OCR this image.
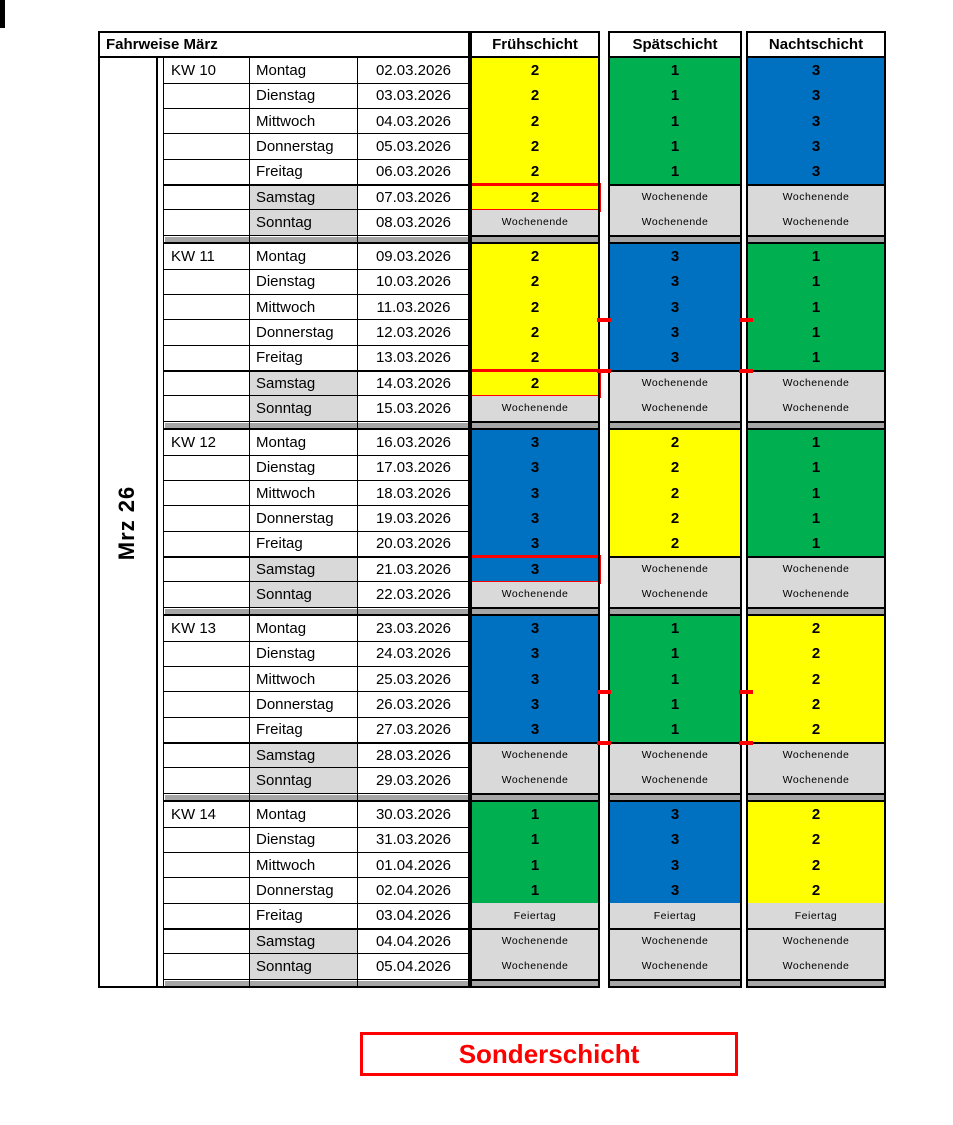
KW 10	Montag	02.03.2026	2	1	3
Dienstag	03.03.2026	2	1	3
Mittwoch	04.03.2026	2	1	3
Donnerstag	05.03.2026	2	1	3
Freitag	06.03.2026	2	1	3
Samstag	07.03.2026	2	Wochenende	Wochenende
Sonntag	08.03.2026	Wochenende	Wochenende	Wochenende
KW 11	Montag	09.03.2026	2	3	1
Dienstag	10.03.2026	2	3	1
Mittwoch	11.03.2026	2	3	1
Donnerstag	12.03.2026	2	3	1
Freitag	13.03.2026	2	3	1
Samstag	14.03.2026	2	Wochenende	Wochenende
Sonntag	15.03.2026	Wochenende	Wochenende	Wochenende
KW 12	Montag	16.03.2026	3	2	1
Dienstag	17.03.2026	3	2	1
Mittwoch	18.03.2026	3	2	1
Donnerstag	19.03.2026	3	2	1
Freitag	20.03.2026	3	2	1
Samstag	21.03.2026	3	Wochenende	Wochenende
Sonntag	22.03.2026	Wochenende	Wochenende	Wochenende
KW 13	Montag	23.03.2026	3	1	2
Dienstag	24.03.2026	3	1	2
Mittwoch	25.03.2026	3	1	2
Donnerstag	26.03.2026	3	1	2
Freitag	27.03.2026	3	1	2
Samstag	28.03.2026	Wochenende	Wochenende	Wochenende
Sonntag	29.03.2026	Wochenende	Wochenende	Wochenende
KW 14	Montag	30.03.2026	1	3	2
Dienstag	31.03.2026	1	3	2
Mittwoch	01.04.2026	1	3	2
Donnerstag	02.04.2026	1	3	2
Freitag	03.04.2026	Feiertag	Feiertag	Feiertag
Samstag	04.04.2026	Wochenende	Wochenende	Wochenende
Sonntag	05.04.2026	Wochenende	Wochenende	Wochenende
Fahrweise März
Mrz 26
Frühschicht	Spätschicht	Nachtschicht
Sonderschicht
